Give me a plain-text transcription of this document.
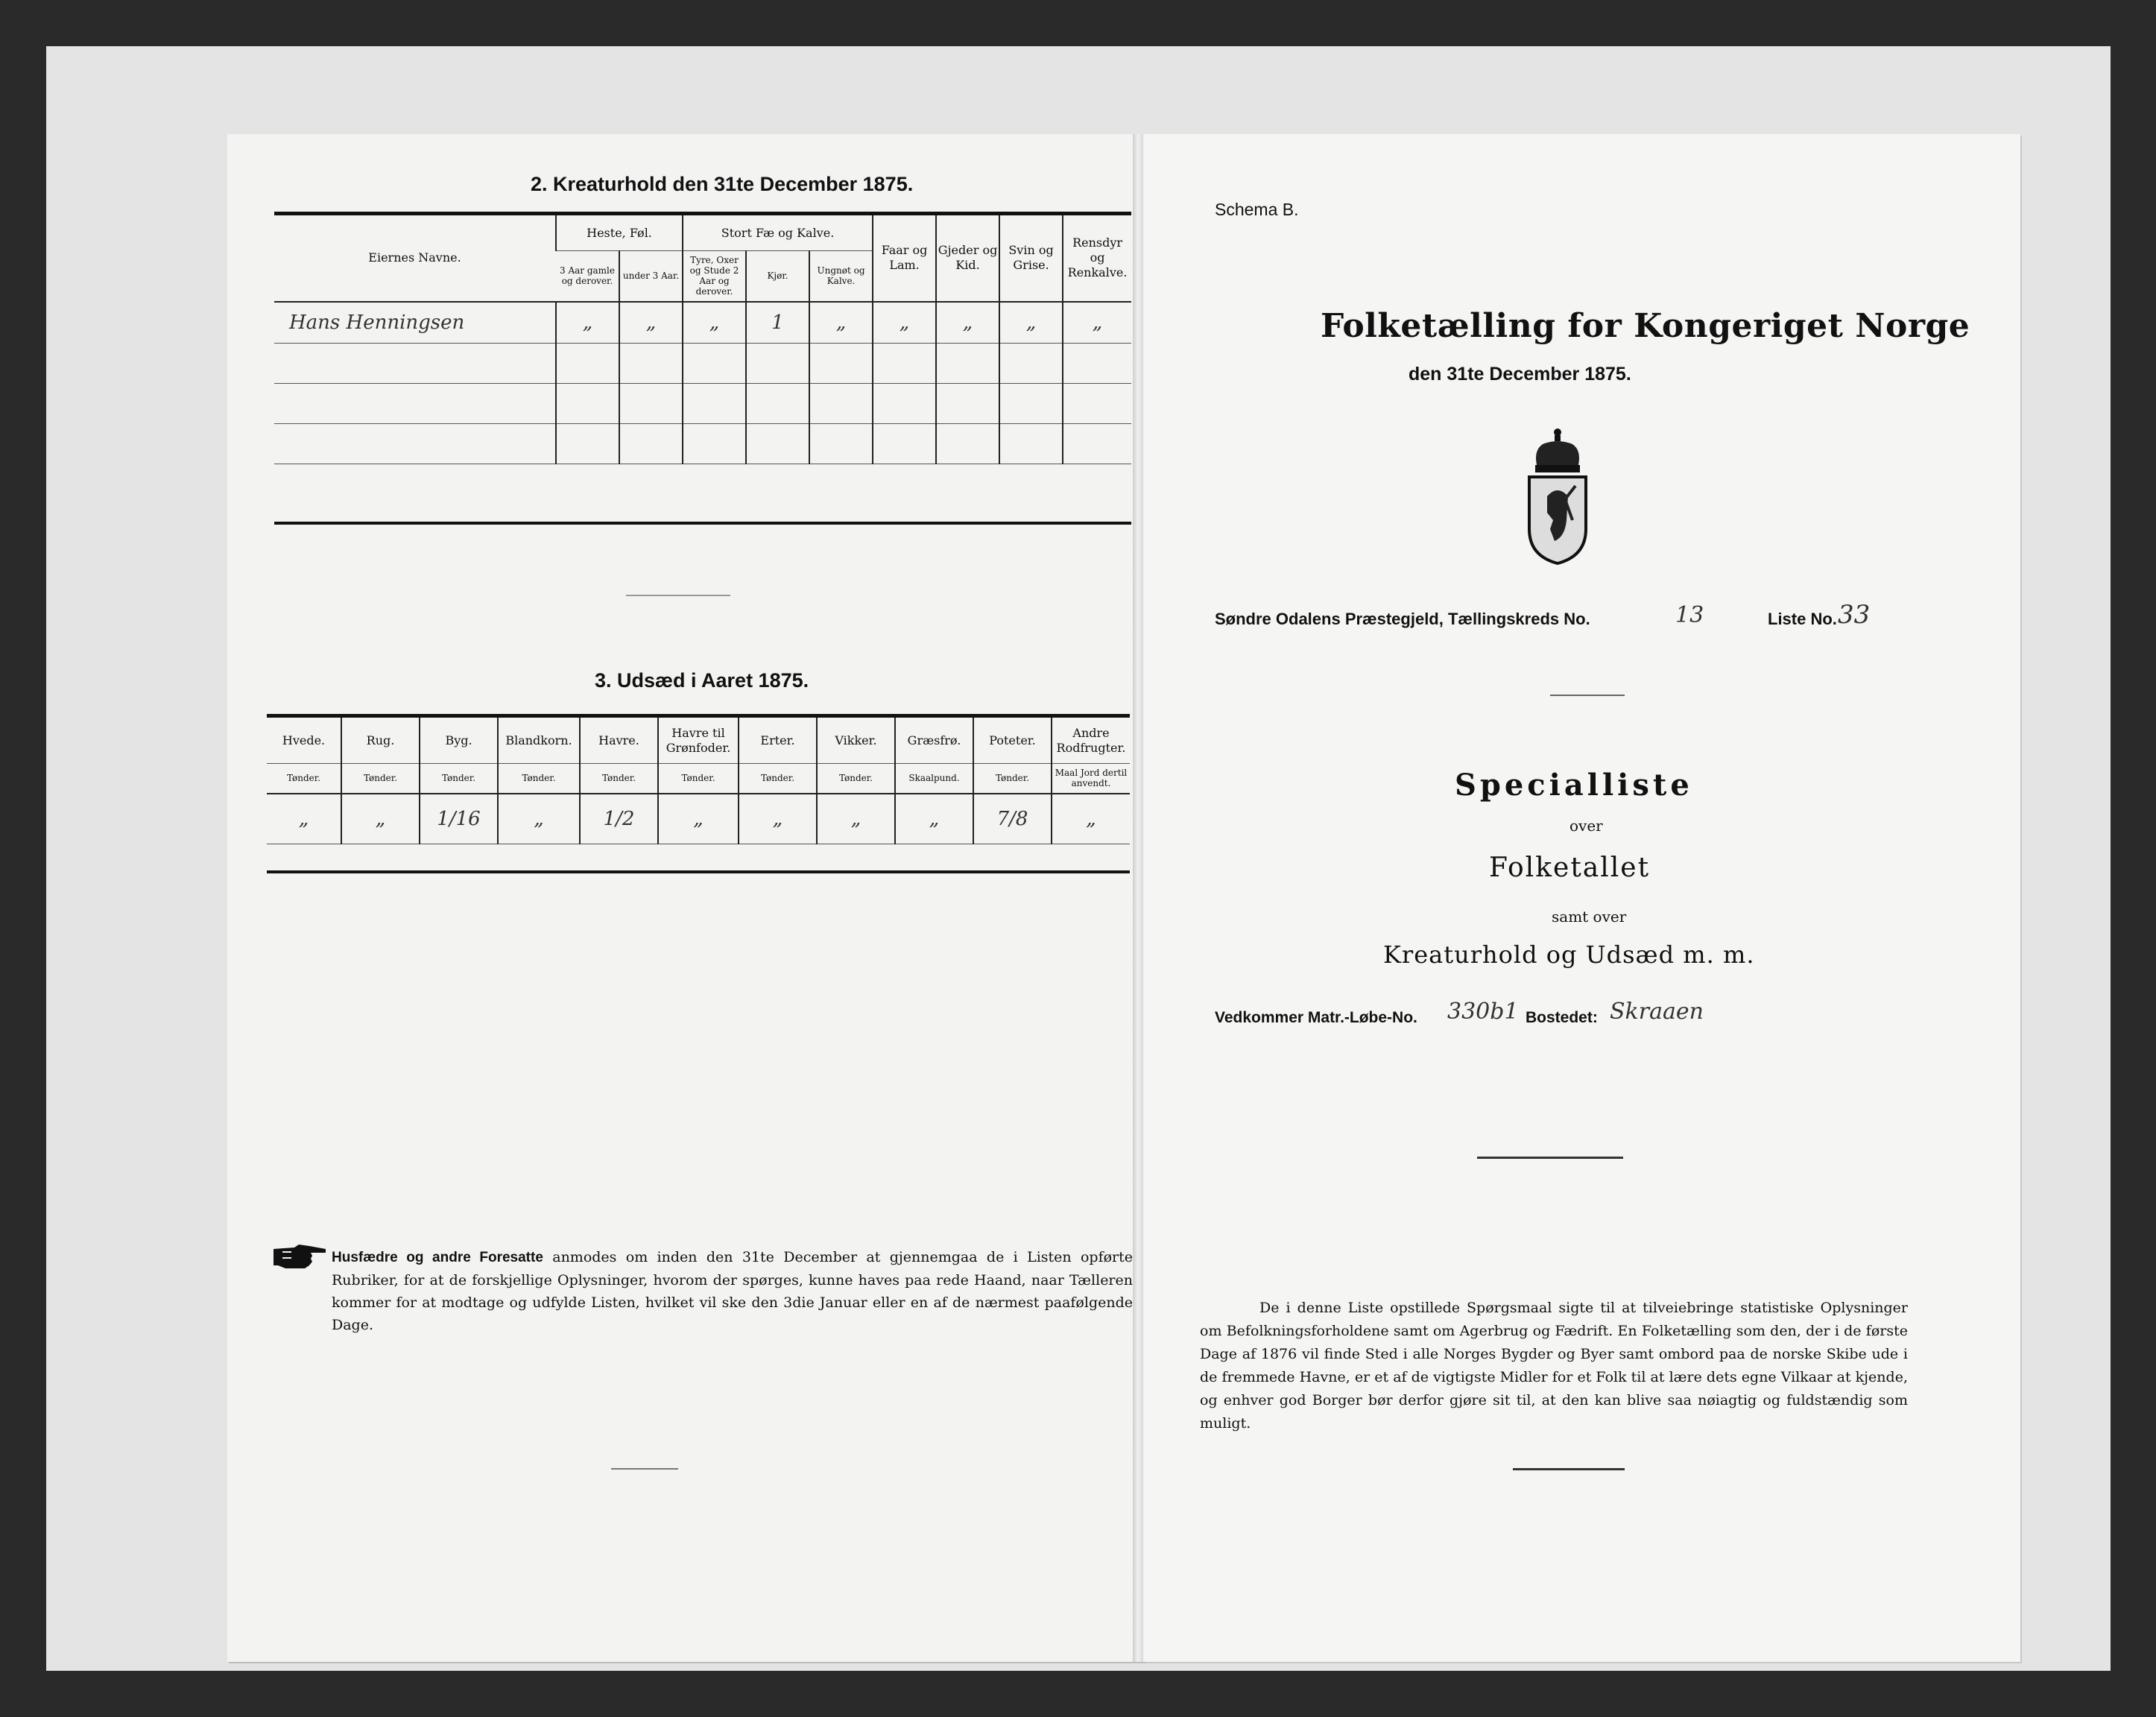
2. Kreaturhold den 31te December 1875.
Eiernes Navne.	Heste, Føl.		Stort Fæ og Kalve.			Faar og Lam.	Gjeder og Kid.	Svin og Grise.	Rensdyr og Renkalve.
	3 Aar gamle og derover.	under 3 Aar.	Tyre, Oxer og Stude 2 Aar og derover.	Kjør.	Ungnøt og Kalve.				
Hans Henningsen	„	„	„	1	„	„	„	„	„

3. Udsæd i Aaret 1875.
Hvede.	Rug.	Byg.	Blandkorn.	Havre.	Havre til Grønfoder.	Erter.	Vikker.	Græsfrø.	Poteter.	Andre Rodfrugter.
Tønder.	Tønder.	Tønder.	Tønder.	Tønder.	Tønder.	Tønder.	Tønder.	Skaalpund.	Tønder.	Maal Jord dertil anvendt.
„	„	1/16	„	1/2	„	„	„	„	7/8	„
Husfædre og andre Foresatte anmodes om inden den 31te December at gjennemgaa de i Listen opførte Rubriker, for at de forskjellige Oplysninger, hvorom der spørges, kunne haves paa rede Haand, naar Tælleren kommer for at modtage og udfylde Listen, hvilket vil ske den 3die Januar eller en af de nærmest paafølgende Dage.
Schema B.
Folketælling for Kongeriget Norge
den 31te December 1875.
Søndre Odalens Præstegjeld, Tællingskreds No.	13	Liste No. 33
Specialliste
over
Folketallet
samt over
Kreaturhold og Udsæd m. m.
Vedkommer Matr.-Løbe-No. 330b1 Bostedet: Skraaen
De i denne Liste opstillede Spørgsmaal sigte til at tilveiebringe statistiske Oplysninger om Befolkningsforholdene samt om Agerbrug og Fædrift. En Folketælling som den, der i de første Dage af 1876 vil finde Sted i alle Norges Bygder og Byer samt ombord paa de norske Skibe ude i de fremmede Havne, er et af de vigtigste Midler for et Folk til at lære dets egne Vilkaar at kjende, og enhver god Borger bør derfor gjøre sit til, at den kan blive saa nøiagtig og fuldstændig som muligt.
